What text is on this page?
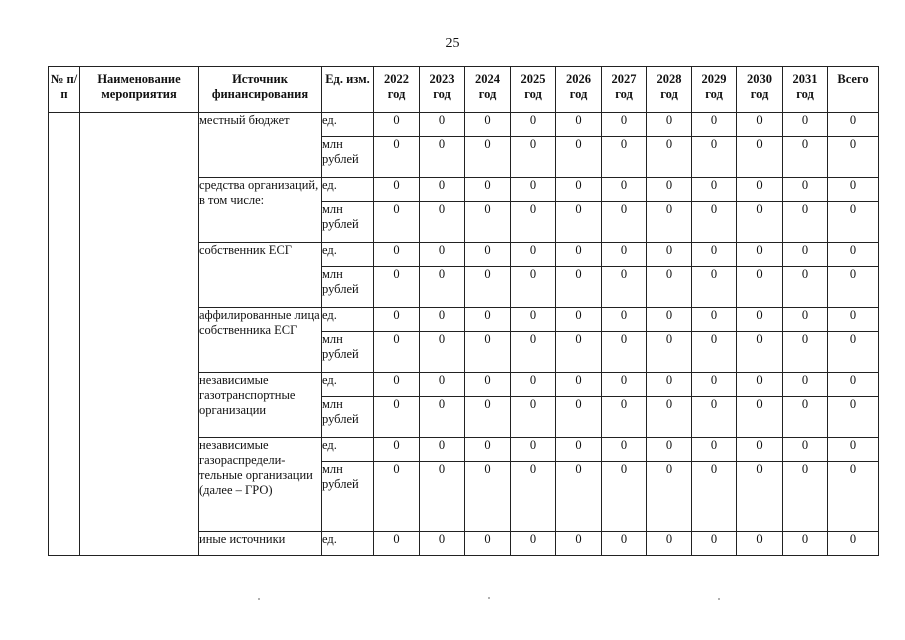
25
№ п/п	Наименование мероприятия	Источник финансирования	Ед. изм.	2022 год	2023 год	2024 год	2025 год	2026 год	2027 год	2028 год	2029 год	2030 год	2031 год	Всего
		местный бюджет	ед.	0	0	0	0	0	0	0	0	0	0	0
			млн рублей	0	0	0	0	0	0	0	0	0	0	0
		средства организаций, в том числе:	ед.	0	0	0	0	0	0	0	0	0	0	0
			млн рублей	0	0	0	0	0	0	0	0	0	0	0
		собственник ЕСГ	ед.	0	0	0	0	0	0	0	0	0	0	0
			млн рублей	0	0	0	0	0	0	0	0	0	0	0
		аффилированные лица собственника ЕСГ	ед.	0	0	0	0	0	0	0	0	0	0	0
			млн рублей	0	0	0	0	0	0	0	0	0	0	0
		независимые газотранспортные организации	ед.	0	0	0	0	0	0	0	0	0	0	0
			млн рублей	0	0	0	0	0	0	0	0	0	0	0
		независимые газораспредели-тельные организации (далее – ГРО)	ед.	0	0	0	0	0	0	0	0	0	0	0
			млн рублей	0	0	0	0	0	0	0	0	0	0	0
		иные источники	ед.	0	0	0	0	0	0	0	0	0	0	0
